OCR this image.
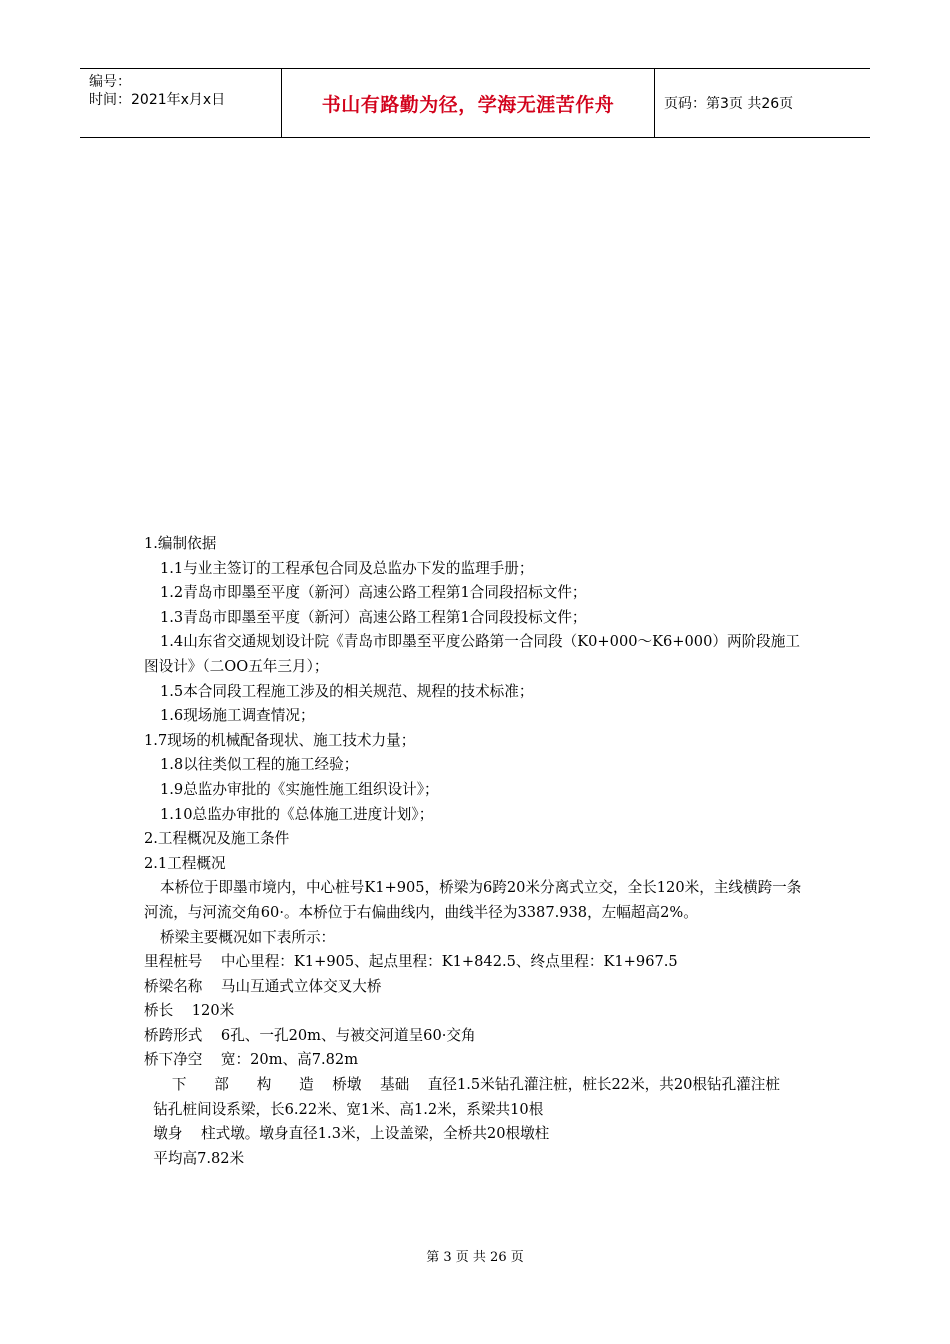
编号：
时间：2021年x月x日	书山有路勤为径，学海无涯苦作舟	页码：第3页 共26页

1.编制依据

1.1与业主签订的工程承包合同及总监办下发的监理手册；

1.2青岛市即墨至平度（新河）高速公路工程第1合同段招标文件；

1.3青岛市即墨至平度（新河）高速公路工程第1合同段投标文件；

1.4山东省交通规划设计院《青岛市即墨至平度公路第一合同段（K0+000～K6+000）两阶段施工图设计》（二OO五年三月）；

1.5本合同段工程施工涉及的相关规范、规程的技术标准；

1.6现场施工调查情况；

1.7现场的机械配备现状、施工技术力量；

1.8以往类似工程的施工经验；

1.9总监办审批的《实施性施工组织设计》；

1.10总监办审批的《总体施工进度计划》；

2.工程概况及施工条件

2.1工程概况

本桥位于即墨市境内，中心桩号K1+905，桥梁为6跨20米分离式立交，全长120米，主线横跨一条河流，与河流交角60·。本桥位于右偏曲线内，曲线半径为3387.938，左幅超高2%。

桥梁主要概况如下表所示：

里程桩号    中心里程：K1+905、起点里程：K1+842.5、终点里程：K1+967.5

桥梁名称    马山互通式立体交叉大桥

桥长    120米

桥跨形式    6孔、一孔20m、与被交河道呈60·交角

桥下净空    宽：20m、高7.82m

下      部      构      造    桥墩    基础    直径1.5米钻孔灌注桩，桩长22米，共20根钻孔灌注桩

钻孔桩间设系梁，长6.22米、宽1米、高1.2米，系梁共10根

墩身    柱式墩。墩身直径1.3米，上设盖梁，全桥共20根墩柱

平均高7.82米

第 3 页 共 26 页
